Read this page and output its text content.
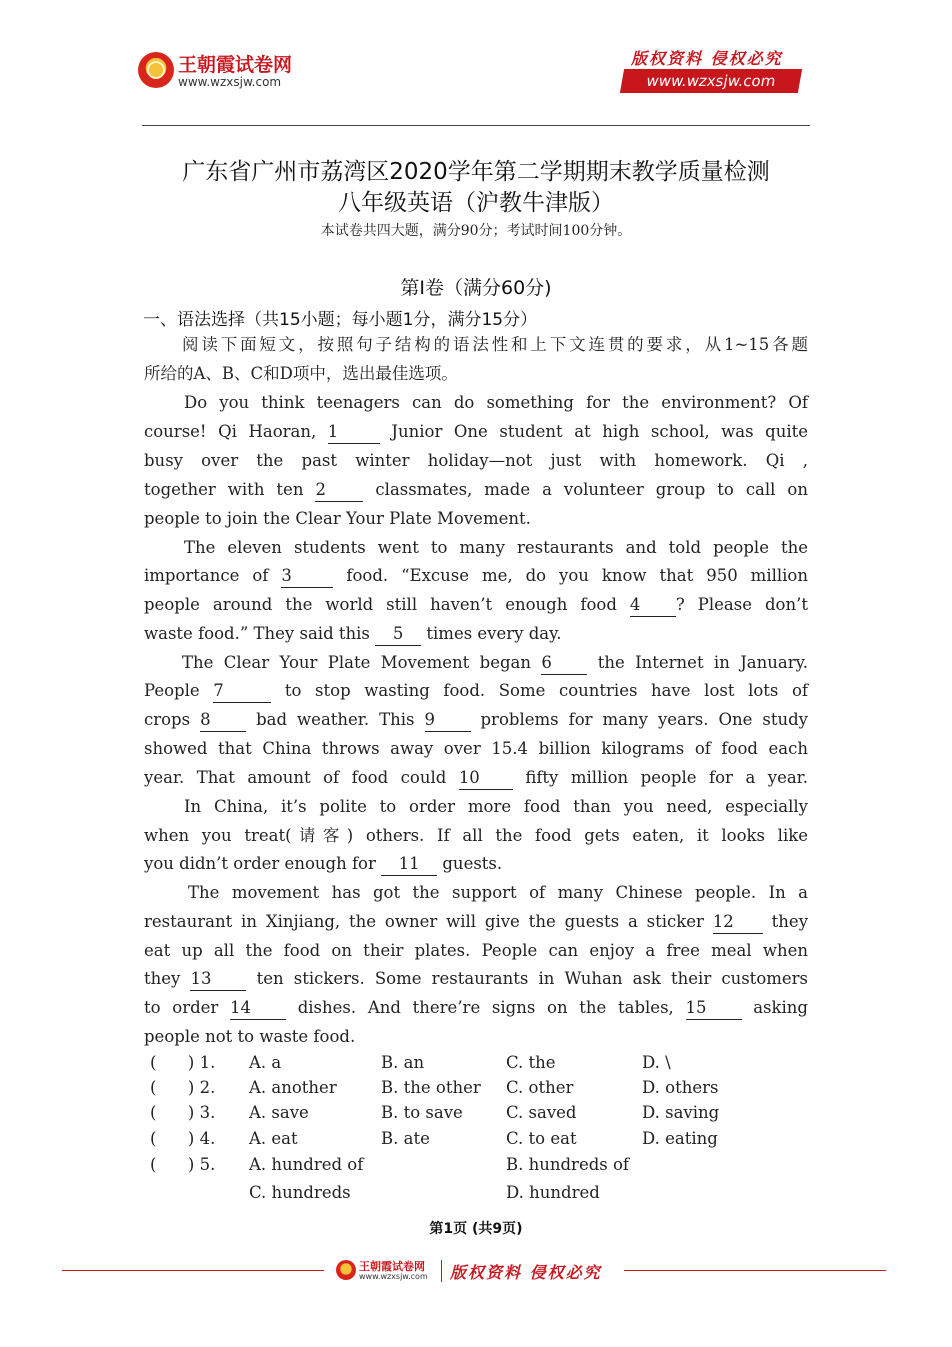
王朝霞试卷网
www.wzxsjw.com
版权资料 侵权必究
www.wzxsjw.com
广东省广州市荔湾区2020学年第二学期期末教学质量检测
八年级英语（沪教牛津版）
本试卷共四大题，满分90分；考试时间100分钟。
第Ⅰ卷（满分60分)
一、语法选择（共15小题；每小题1分，满分15分）
阅读下面短文，按照句子结构的语法性和上下文连贯的要求，从1~15各题
所给的A、B、C和D项中，选出最佳选项。
Do you think teenagers can do something for the environment? Of
course! Qi Haoran, 1	Junior One student at high school, was quite
busy over the past winter holiday—not just with homework. Qi ,
together with ten 2	classmates, made a volunteer group to call on
people to join the Clear Your Plate Movement.
The eleven students went to many restaurants and told people the
importance of 3	food. “Excuse me, do you know that 950 million
people around the world still haven’t enough food 4 ? Please don’t
waste food.” They said this 5 times every day.
The Clear Your Plate Movement began 6	the Internet in January.
People 7	to stop wasting food. Some countries have lost lots of
crops 8	bad weather. This 9	problems for many years. One study
showed that China throws away over 15.4 billion kilograms of food each
year. That amount of food could 10	fifty million people for a year.
In China, it’s polite to order more food than you need, especially
when you treat(请客) others. If all the food gets eaten, it looks like
you didn’t order enough for 11 guests.
The movement has got the support of many Chinese people. In a
restaurant in Xinjiang, the owner will give the guests a sticker 12 they
eat up all the food on their plates. People can enjoy a free meal when
they 13	ten stickers. Some restaurants in Wuhan ask their customers
to order 14	dishes. And there’re signs on the tables, 15	asking
people not to waste food.
(      ) 1. A. a	B. an	C. the	D. \
(      ) 2. A. another	B. the other C. other	D. others
(      ) 3. A. save	B. to save	C. saved	D. saving
(      ) 4. A. eat	B. ate	C. to eat	D. eating
(      ) 5. A. hundred of	B. hundreds of
C. hundreds	D. hundred
第1页 (共9页)
王朝霞试卷网
www.wzxsjw.com 版权资料 侵权必究
